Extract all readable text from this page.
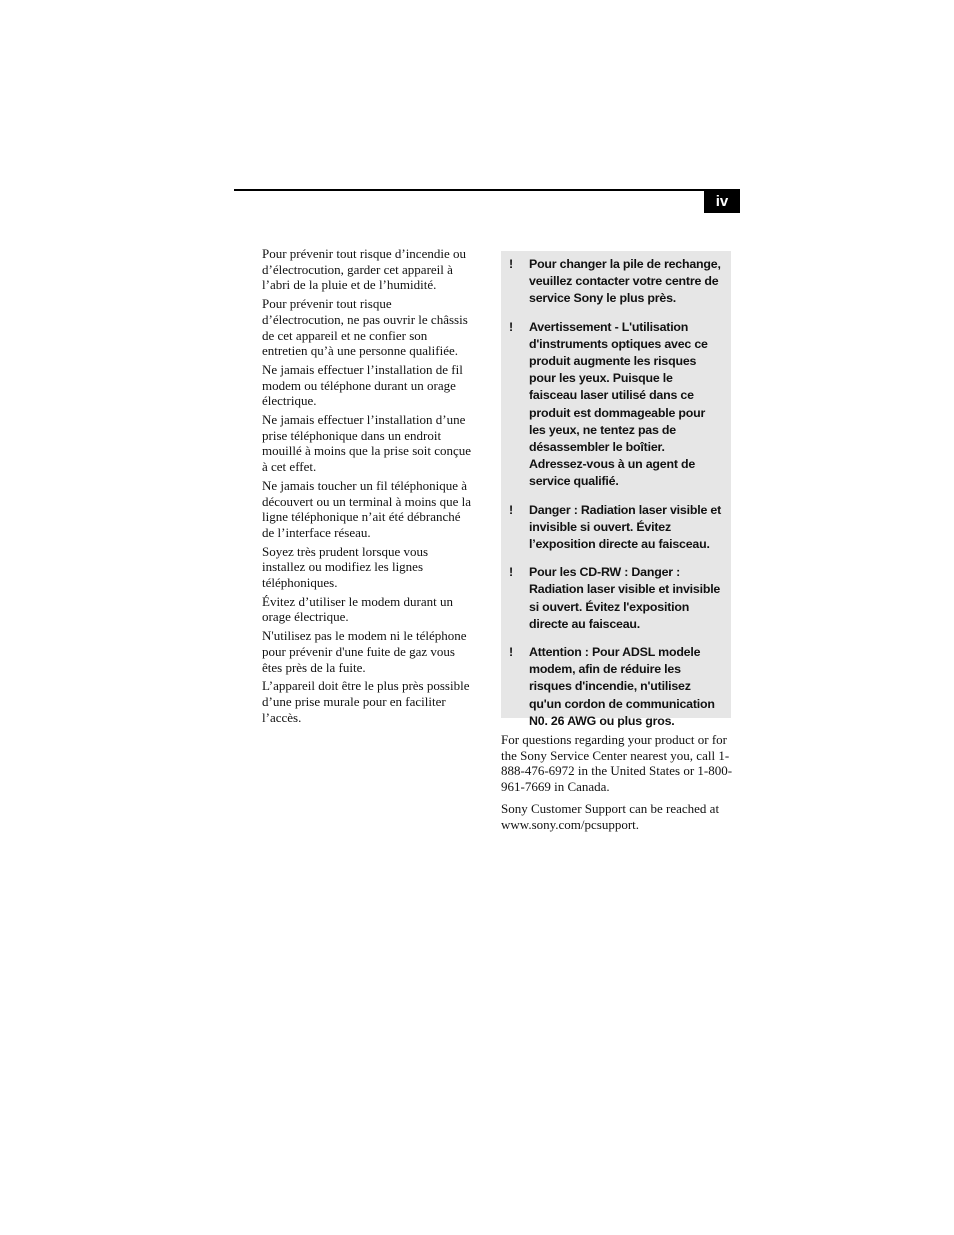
iv

Pour prévenir tout risque d’incendie ou d’électrocution, garder cet appareil à l’abri de la pluie et de l’humidité.

Pour prévenir tout risque d’électrocution, ne pas ouvrir le châssis de cet appareil et ne confier son entretien qu’à une personne qualifiée.

Ne jamais effectuer l’installation de fil modem ou téléphone durant un orage électrique.

Ne jamais effectuer l’installation d’une prise téléphonique dans un endroit mouillé à moins que la prise soit conçue à cet effet.

Ne jamais toucher un fil téléphonique à découvert ou un terminal à moins que la ligne téléphonique n’ait été débranché de l’interface réseau.

Soyez très prudent lorsque vous installez ou modifiez les lignes téléphoniques.

Évitez d’utiliser le modem durant un orage électrique.

N'utilisez pas le modem ni le téléphone pour prévenir d'une fuite de gaz vous êtes près de la fuite.

L’appareil doit être le plus près possible d’une prise murale pour en faciliter l’accès.

!	Pour changer la pile de rechange, veuillez contacter votre centre de service Sony le plus près.
!	Avertissement - L'utilisation d'instruments optiques avec ce produit augmente les risques pour les yeux. Puisque le faisceau laser utilisé dans ce produit est dommageable pour les yeux, ne tentez pas de désassembler le boîtier. Adressez-vous à un agent de service qualifié.
!	Danger : Radiation laser visible et invisible si ouvert. Évitez l’exposition directe au faisceau.
!	Pour les CD-RW : Danger : Radiation laser visible et invisible si ouvert. Évitez l'exposition directe au faisceau.
!	Attention : Pour ADSL modele modem, afin de réduire les risques d'incendie, n'utilisez qu'un cordon de communication N0. 26 AWG ou plus gros.

For questions regarding your product or for the Sony Service Center nearest you, call 1-888-476-6972 in the United States or 1-800-961-7669 in Canada.

Sony Customer Support can be reached at www.sony.com/pcsupport.
